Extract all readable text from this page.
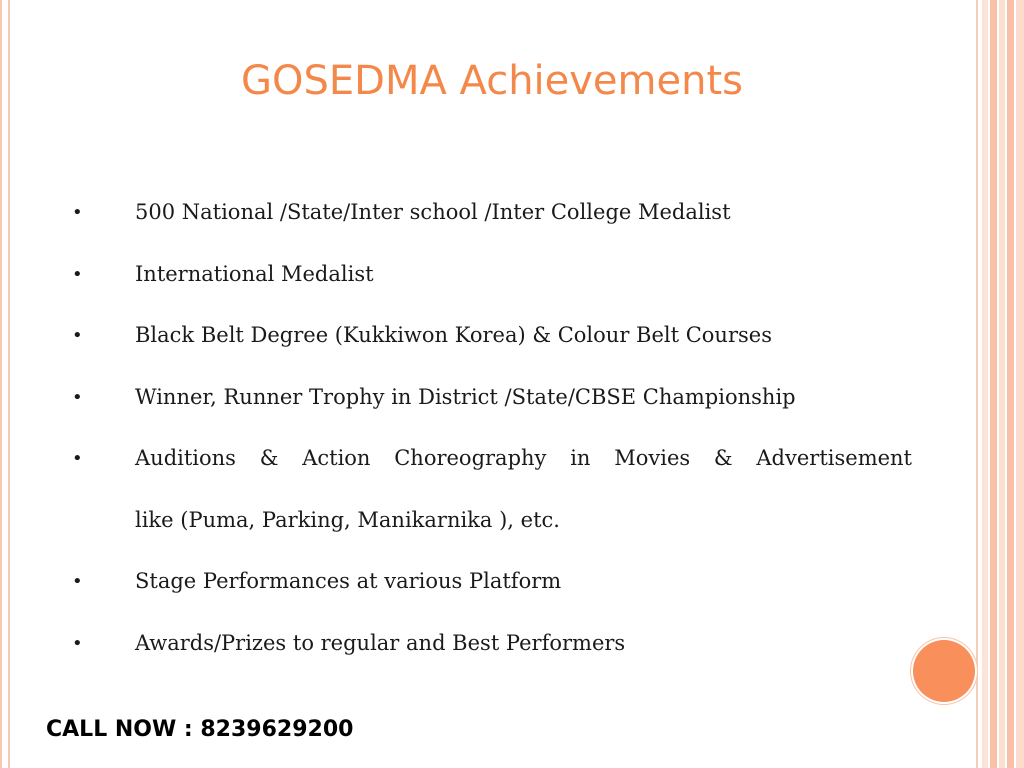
GOSEDMA Achievements
• 500 National /State/Inter school /Inter College Medalist
• International Medalist
• Black Belt Degree (Kukkiwon Korea) & Colour Belt Courses
• Winner, Runner Trophy in District /State/CBSE Championship
• Auditions & Action Choreography in Movies & Advertisement
like (Puma, Parking, Manikarnika ), etc.
• Stage Performances at various Platform
• Awards/Prizes to regular and Best Performers
CALL NOW : 8239629200
